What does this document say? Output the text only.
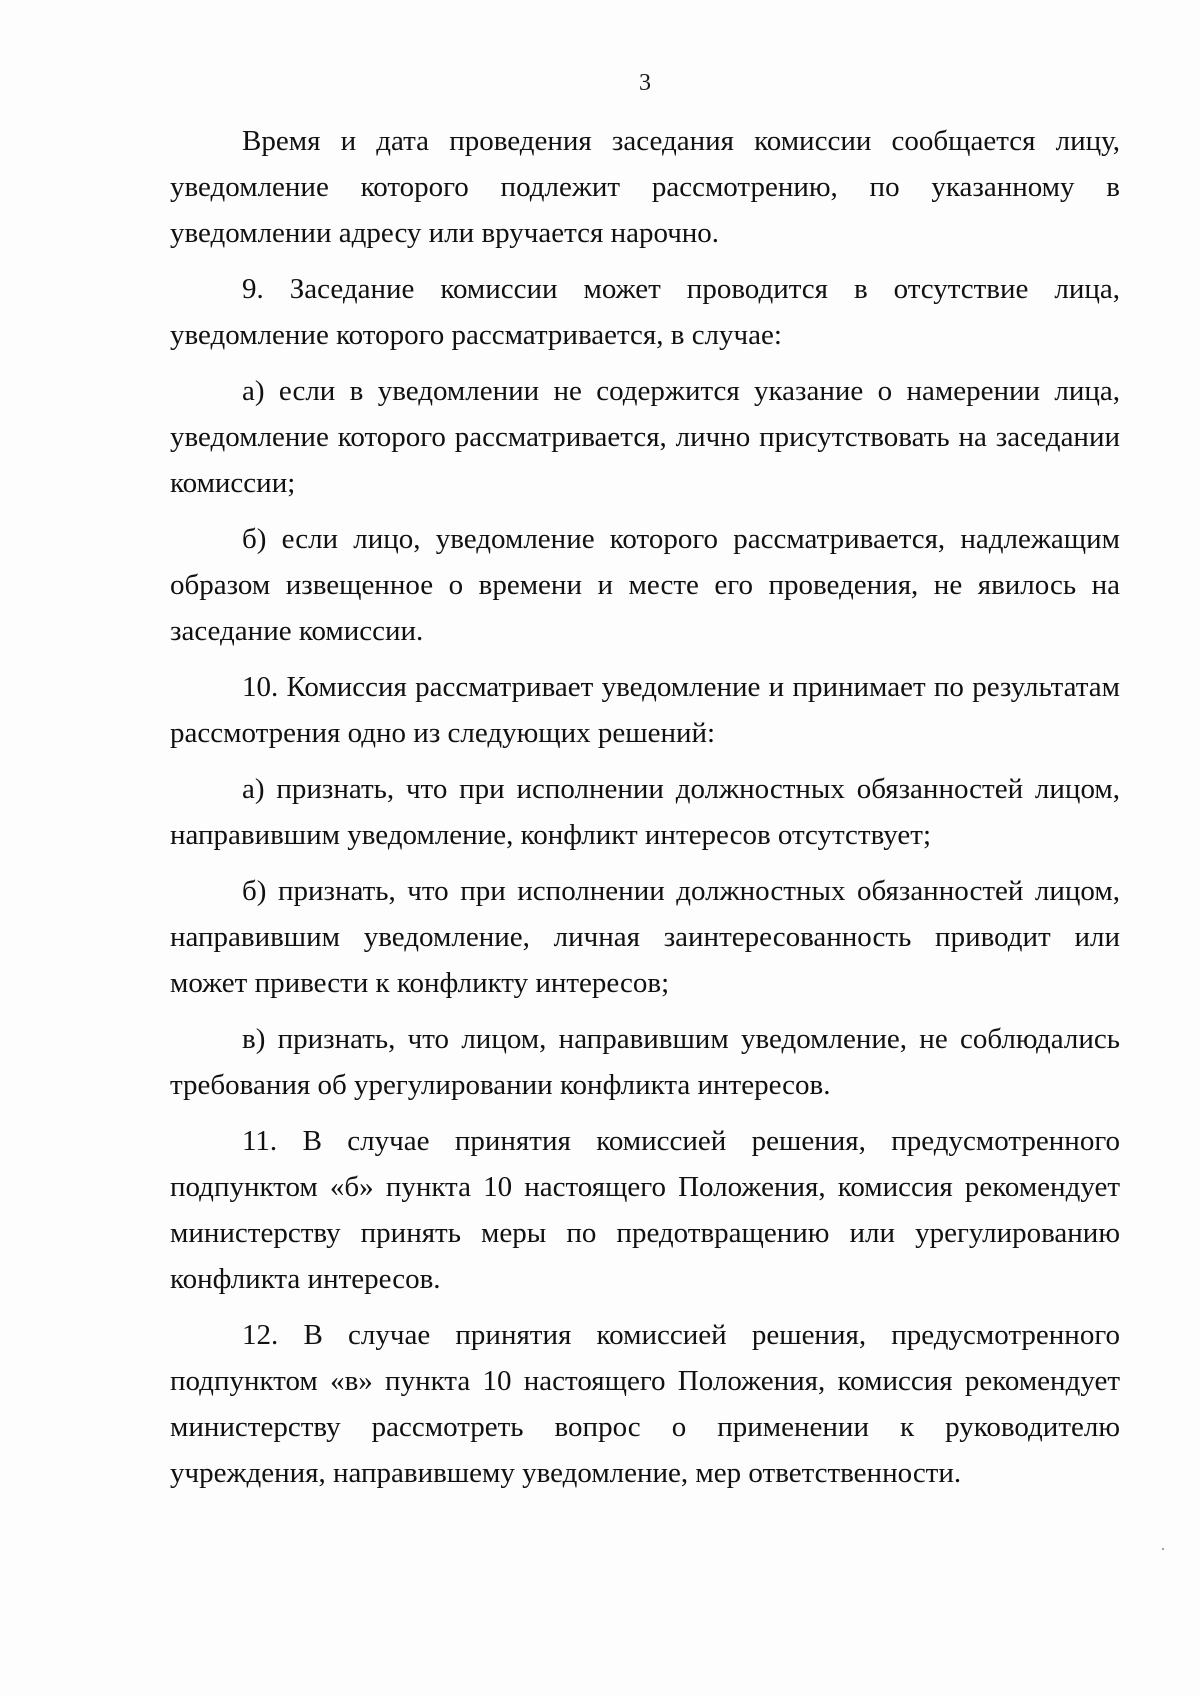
3

Время и дата проведения заседания комиссии сообщается лицу, уведомление которого подлежит рассмотрению, по указанному в уведомлении адресу или вручается нарочно.

9. Заседание комиссии может проводится в отсутствие лица, уведомление которого рассматривается, в случае:

а) если в уведомлении не содержится указание о намерении лица, уведомление которого рассматривается, лично присутствовать на заседании комиссии;

б) если лицо, уведомление которого рассматривается, надлежащим образом извещенное о времени и месте его проведения, не явилось на заседание комиссии.

10. Комиссия рассматривает уведомление и принимает по результатам рассмотрения одно из следующих решений:

а) признать, что при исполнении должностных обязанностей лицом, направившим уведомление, конфликт интересов отсутствует;

б) признать, что при исполнении должностных обязанностей лицом, направившим уведомление, личная заинтересованность приводит или может привести к конфликту интересов;

в) признать, что лицом, направившим уведомление, не соблюдались требования об урегулировании конфликта интересов.

11. В случае принятия комиссией решения, предусмотренного подпунктом «б» пункта 10 настоящего Положения, комиссия рекомендует министерству принять меры по предотвращению или урегулированию конфликта интересов.

12. В случае принятия комиссией решения, предусмотренного подпунктом «в» пункта 10 настоящего Положения, комиссия рекомендует министерству рассмотреть вопрос о применении к руководителю учреждения, направившему уведомление, мер ответственности.
